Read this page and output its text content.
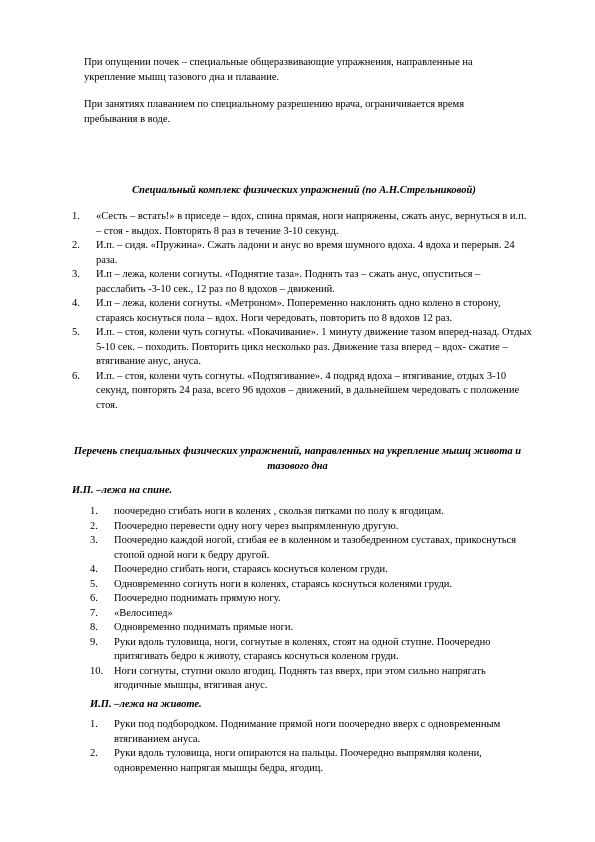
При опущении почек – специальные общеразвивающие упражнения, направленные на укрепление мышц тазового дна и плавание.

При занятиях плаванием по специальному разрешению врача, ограничивается время пребывания в воде.

Специальный комплекс физических упражнений (по А.Н.Стрельниковой)

1. «Сесть – встать!» в приседе – вдох, спина прямая, ноги напряжены, сжать анус, вернуться в и.п. – стоя - выдох. Повторять 8 раз в течение 3-10 секунд.
2. И.п. – сидя. «Пружина». Сжать ладони и анус во время шумного вдоха. 4 вдоха и перерыв. 24 раза.
3. И.п – лежа, колени согнуты. «Поднятие таза». Поднять таз – сжать анус, опуститься – расслабить -3-10 сек., 12 раз по 8 вдохов – движений.
4. И.п – лежа, колени согнуты. «Метроном». Попеременно наклонять одно колено в сторону, стараясь коснуться пола – вдох. Ноги чередовать, повторить по 8 вдохов 12 раз.
5. И.п. – стоя, колени чуть согнуты. «Покачивание». 1 минуту движение тазом вперед-назад. Отдых 5-10 сек. – походить. Повторить цикл несколько раз. Движение таза вперед – вдох- сжатие – втягивание анус, ануса.
6. И.п. – стоя, колени чуть согнуты. «Подтягивание». 4 подряд вдоха – втягивание, отдых 3-10 секунд, повторять 24 раза, всего 96 вдохов – движений, в дальнейшем чередовать с положение стоя.

Перечень специальных физических упражнений, направленных на укрепление мышц живота и тазового дна

И.П. –лежа на спине.

1. поочередно сгибать ноги в коленях , скользя пятками по полу к ягодицам.
2. Поочередно перевести одну ногу через выпрямленную другую.
3. Поочередно каждой ногой, сгибая ее в коленном и тазобедренном суставах, прикоснуться стопой одной ноги к бедру другой.
4. Поочередно сгибать ноги, стараясь коснуться коленом груди.
5. Одновременно согнуть ноги в коленях, стараясь коснуться коленями груди.
6. Поочередно поднимать прямую ногу.
7. «Велосипед»
8. Одновременно поднимать прямые ноги.
9. Руки вдоль туловища, ноги, согнутые в коленях, стоят на одной ступне. Поочередно притягивать бедро к животу, стараясь коснуться коленом груди.
10. Ноги согнуты, ступни около ягодиц. Поднять таз вверх, при этом сильно напрягать ягодичные мышцы, втягивая анус.

И.П. –лежа на животе.

1. Руки под подбородком. Поднимание прямой ноги поочередно вверх с одновременным втягиванием ануса.
2. Руки вдоль туловища, ноги опираются на пальцы. Поочередно выпрямляя колени, одновременно напрягая мышцы бедра, ягодиц.
